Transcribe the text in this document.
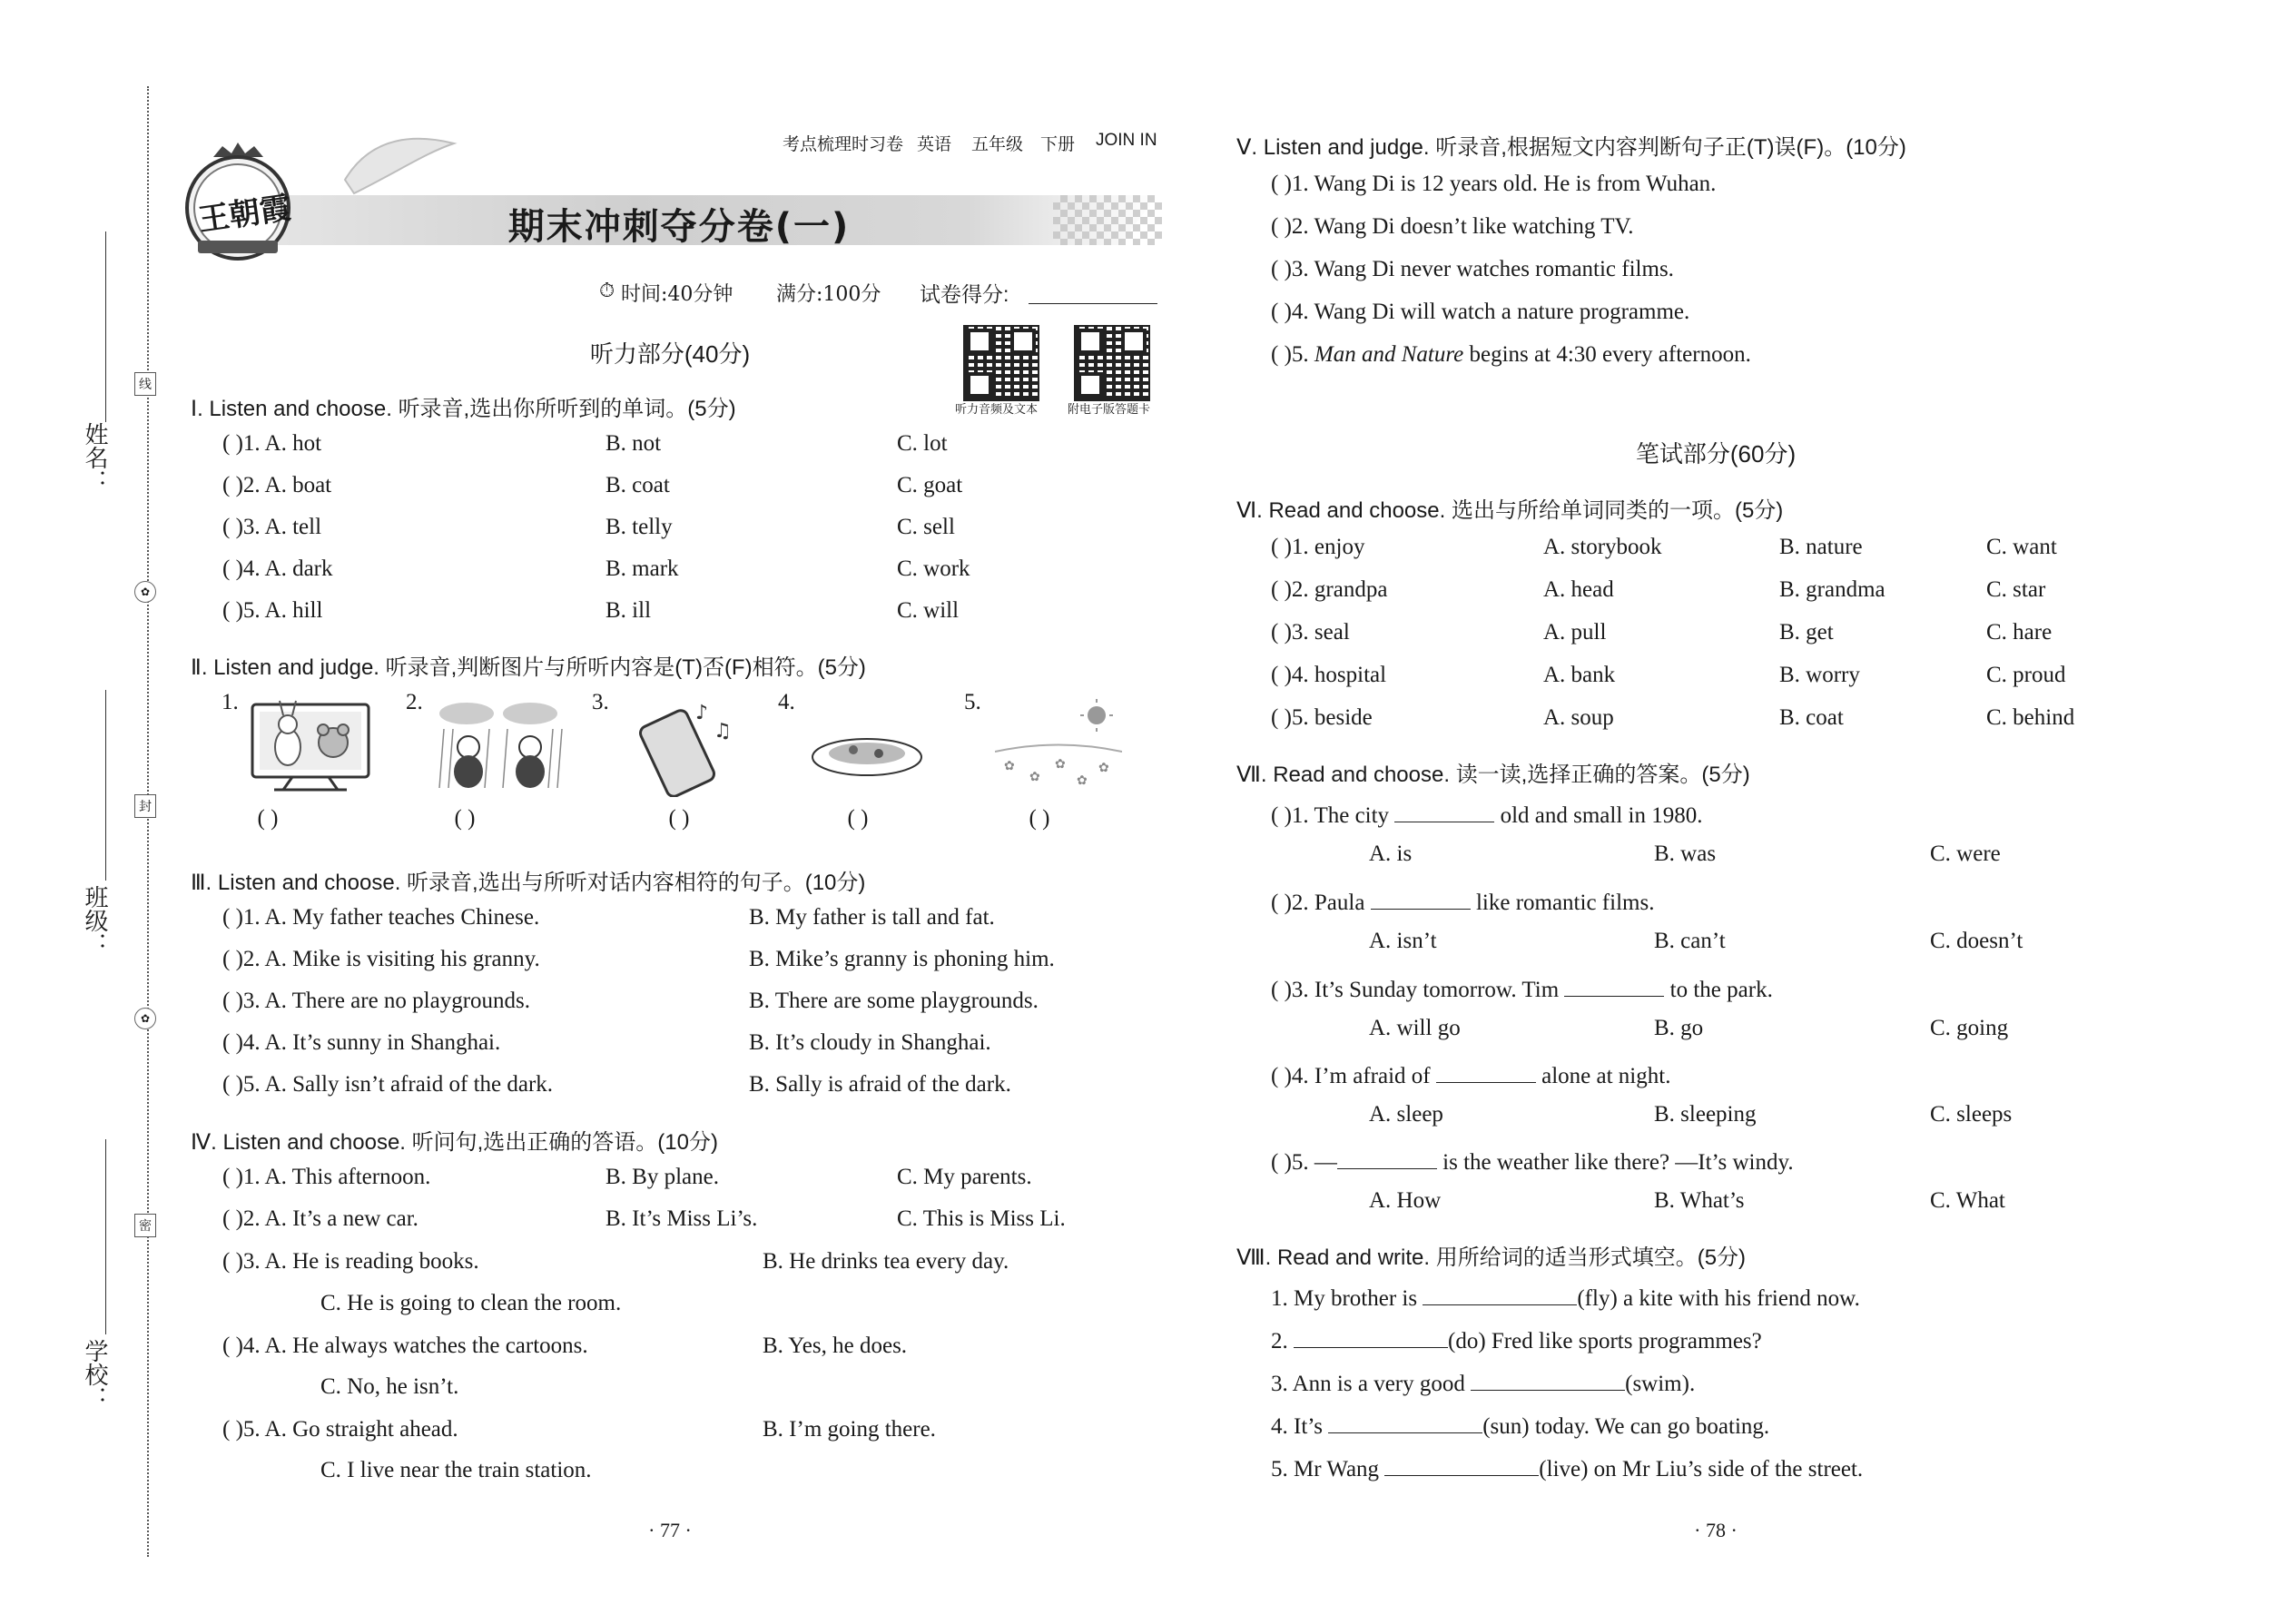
姓名：
班级：
学校：
线
封
密
✿
✿
考点梳理时习卷 英语 五年级 下册 JOIN IN
期末冲刺夺分卷(一)
王朝霞
⏱ 时间:40分钟 满分:100分 试卷得分:
听力音频及文本	附电子版答题卡
听力部分(40分)
Ⅰ. Listen and choose. 听录音,选出你所听到的单词。(5分)
( )1. A. hot	B. not	C. lot
( )2. A. boat	B. coat	C. goat
( )3. A. tell	B. telly	C. sell
( )4. A. dark	B. mark	C. work
( )5. A. hill	B. ill	C. will
Ⅱ. Listen and judge. 听录音,判断图片与所听内容是(T)否(F)相符。(5分)
1.	2.	3.	4.	5.
♪
♫
✿
✿
✿
✿
✿
( )	( )	( )	( )	( )
Ⅲ. Listen and choose. 听录音,选出与所听对话内容相符的句子。(10分)
( )1. A. My father teaches Chinese.	B. My father is tall and fat.
( )2. A. Mike is visiting his granny.	B. Mike’s granny is phoning him.
( )3. A. There are no playgrounds.	B. There are some playgrounds.
( )4. A. It’s sunny in Shanghai.	B. It’s cloudy in Shanghai.
( )5. A. Sally isn’t afraid of the dark.	B. Sally is afraid of the dark.
Ⅳ. Listen and choose. 听问句,选出正确的答语。(10分)
( )1. A. This afternoon.	B. By plane.	C. My parents.
( )2. A. It’s a new car.	B. It’s Miss Li’s.	C. This is Miss Li.
( )3. A. He is reading books.	B. He drinks tea every day.
C. He is going to clean the room.
( )4. A. He always watches the cartoons.	B. Yes, he does.
C. No, he isn’t.
( )5. A. Go straight ahead.	B. I’m going there.
C. I live near the train station.
· 77 ·
Ⅴ. Listen and judge. 听录音,根据短文内容判断句子正(T)误(F)。(10分)
( )1. Wang Di is 12 years old. He is from Wuhan.
( )2. Wang Di doesn’t like watching TV.
( )3. Wang Di never watches romantic films.
( )4. Wang Di will watch a nature programme.
( )5. Man and Nature begins at 4:30 every afternoon.
笔试部分(60分)
Ⅵ. Read and choose. 选出与所给单词同类的一项。(5分)
( )1. enjoy	A. storybook	B. nature	C. want
( )2. grandpa	A. head	B. grandma	C. star
( )3. seal	A. pull	B. get	C. hare
( )4. hospital	A. bank	B. worry	C. proud
( )5. beside	A. soup	B. coat	C. behind
Ⅶ. Read and choose. 读一读,选择正确的答案。(5分)
( )1. The city	old and small in 1980.
A. is	B. was	C. were
( )2. Paula	like romantic films.
A. isn’t	B. can’t	C. doesn’t
( )3. It’s Sunday tomorrow. Tim	to the park.
A. will go	B. go	C. going
( )4. I’m afraid of	alone at night.
A. sleep	B. sleeping	C. sleeps
( )5. —	is the weather like there? —It’s windy.
A. How	B. What’s	C. What
Ⅷ. Read and write. 用所给词的适当形式填空。(5分)
1. My brother is	(fly) a kite with his friend now.
2.	(do) Fred like sports programmes?
3. Ann is a very good	(swim).
4. It’s	(sun) today. We can go boating.
5. Mr Wang	(live) on Mr Liu’s side of the street.
· 78 ·
